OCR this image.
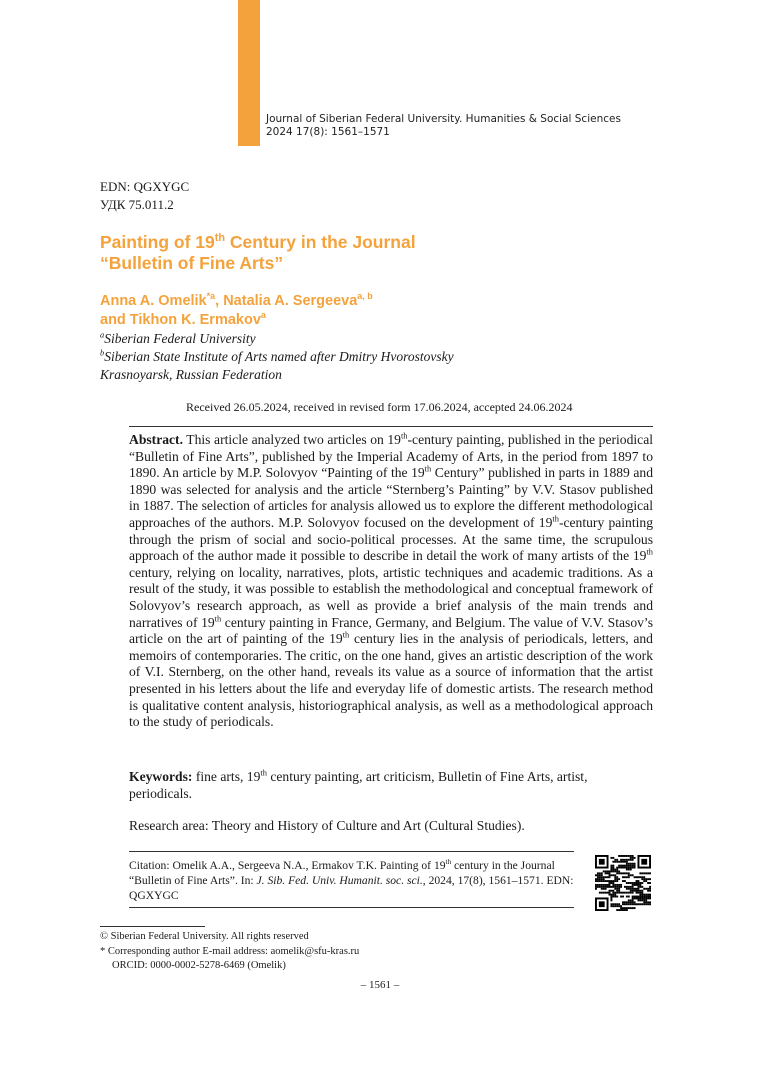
Journal of Siberian Federal University. Humanities & Social Sciences
2024 17(8): 1561–1571
EDN: QGXYGC
УДК 75.011.2
Painting of 19th Century in the Journal
“Bulletin of Fine Arts”
Anna A. Omelik$^{*a}$, Natalia A. Sergeeva$^{a, b}$
and Tikhon K. Ermakov$^a$
$^a$Siberian Federal University
$^b$Siberian State Institute of Arts named after Dmitry Hvorostovsky
Krasnoyarsk, Russian Federation
Received 26.05.2024, received in revised form 17.06.2024, accepted 24.06.2024
Abstract. This article analyzed two articles on 19th-century painting, published in the periodical “Bulletin of Fine Arts”, published by the Imperial Academy of Arts, in the period from 1897 to 1890. An article by M.P. Solovyov “Painting of the 19th Century” published in parts in 1889 and 1890 was selected for analysis and the article “Sternberg’s Painting” by V.V. Stasov published in 1887. The selection of articles for analysis allowed us to explore the different methodological approaches of the authors. M.P. Solovyov focused on the development of 19th-century painting through the prism of social and socio-political processes. At the same time, the scrupulous approach of the author made it possible to describe in detail the work of many artists of the 19th century, relying on locality, narratives, plots, artistic techniques and academic traditions. As a result of the study, it was possible to establish the methodological and conceptual framework of Solovyov’s research approach, as well as provide a brief analysis of the main trends and narratives of 19th century painting in France, Germany, and Belgium. The value of V.V. Stasov’s article on the art of painting of the 19th century lies in the analysis of periodicals, letters, and memoirs of contemporaries. The critic, on the one hand, gives an artistic description of the work of V.I. Sternberg, on the other hand, reveals its value as a source of information that the artist presented in his letters about the life and everyday life of domestic artists. The research method is qualitative content analysis, historiographical analysis, as well as a methodological approach to the study of periodicals.
Keywords: fine arts, 19th century painting, art criticism, Bulletin of Fine Arts, artist, periodicals.
Research area: Theory and History of Culture and Art (Cultural Studies).
Citation: Omelik A.A., Sergeeva N.A., Ermakov T.K. Painting of 19th century in the Journal “Bulletin of Fine Arts”. In: J. Sib. Fed. Univ. Humanit. soc. sci., 2024, 17(8), 1561–1571. EDN: QGXYGC
© Siberian Federal University. All rights reserved
* Corresponding author E-mail address: aomelik@sfu-kras.ru
ORCID: 0000-0002-5278-6469 (Omelik)
– 1561 –
